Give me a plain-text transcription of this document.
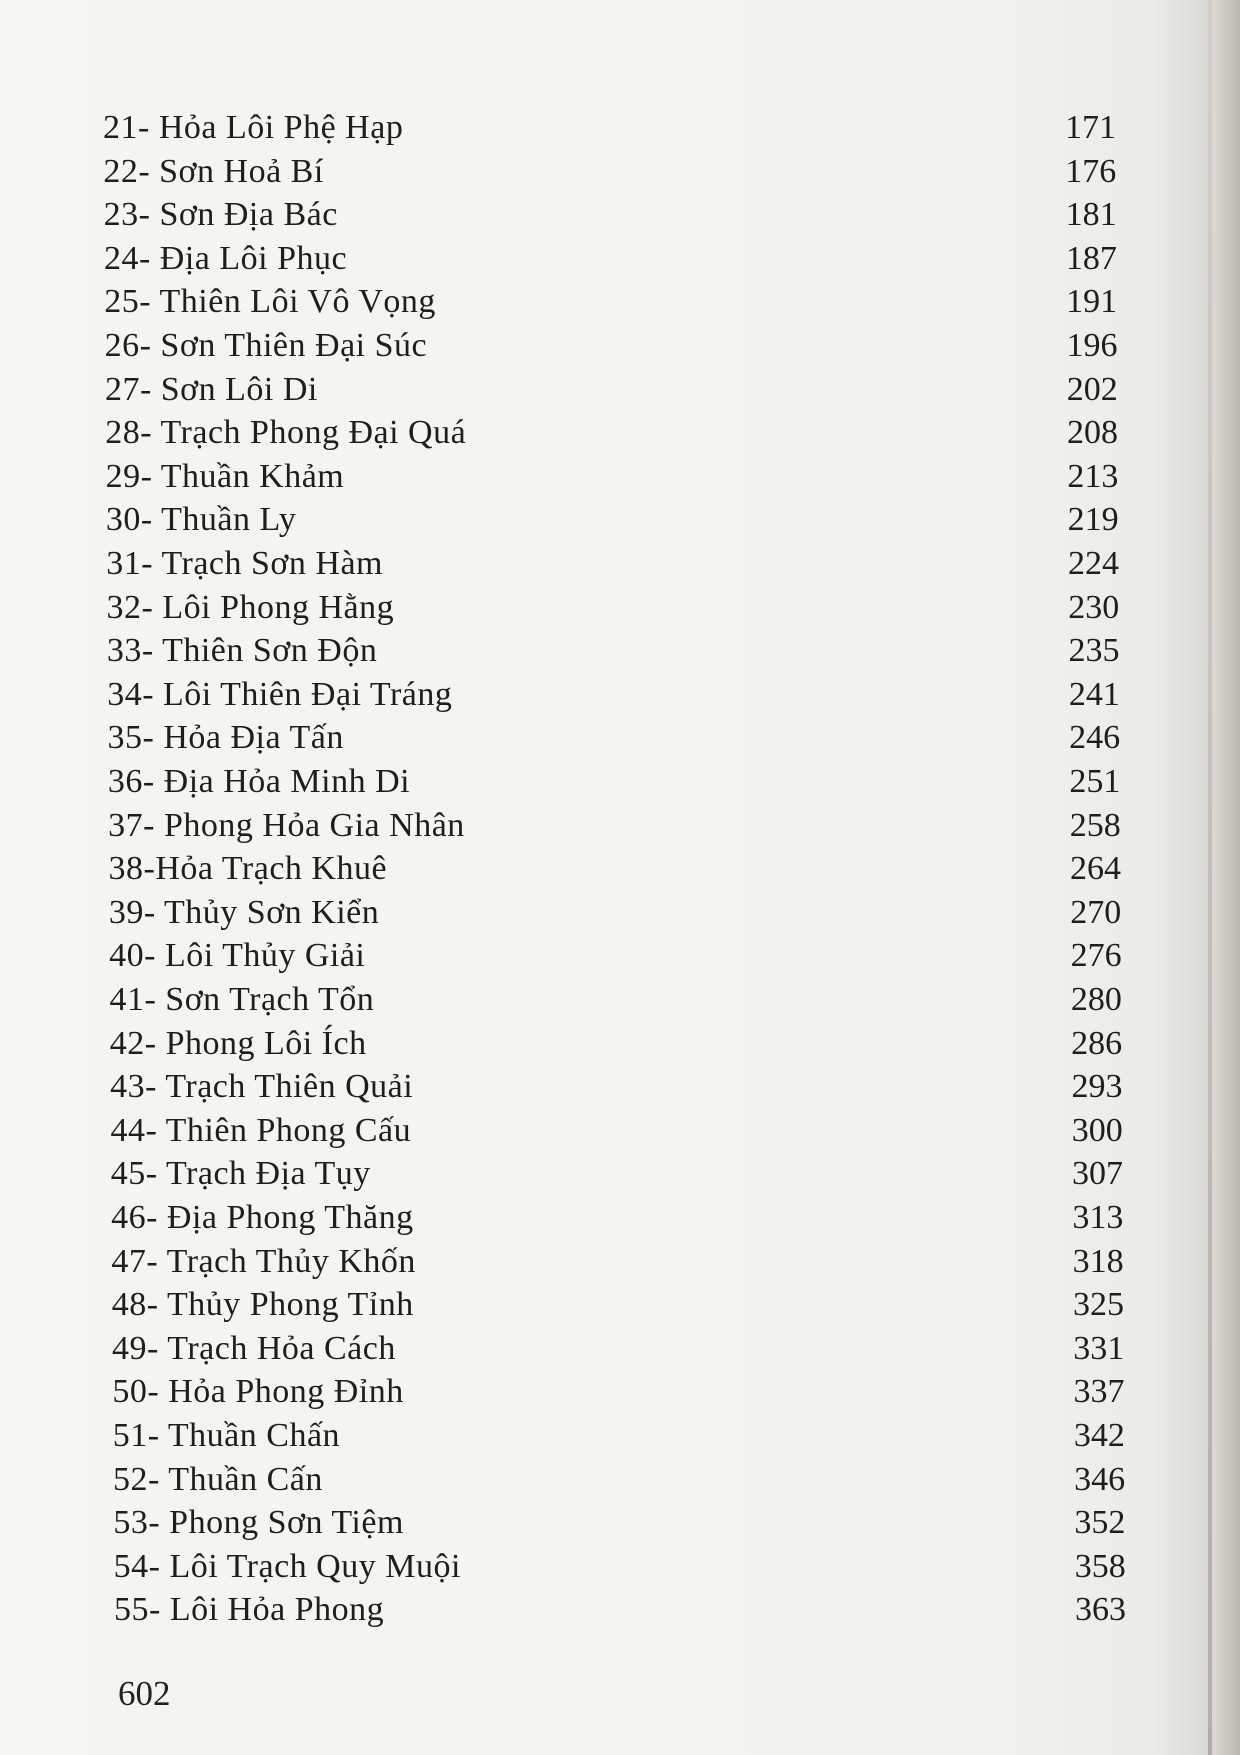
21- Hỏa Lôi Phệ Hạp	171
22- Sơn Hoả Bí	176
23- Sơn Địa Bác	181
24- Địa Lôi Phục	187
25- Thiên Lôi Vô Vọng	191
26- Sơn Thiên Đại Súc	196
27- Sơn Lôi Di	202
28- Trạch Phong Đại Quá	208
29- Thuần Khảm	213
30- Thuần Ly	219
31- Trạch Sơn Hàm	224
32- Lôi Phong Hằng	230
33- Thiên Sơn Độn	235
34- Lôi Thiên Đại Tráng	241
35- Hỏa Địa Tấn	246
36- Địa Hỏa Minh Di	251
37- Phong Hỏa Gia Nhân	258
38-Hỏa Trạch Khuê	264
39- Thủy Sơn Kiển	270
40- Lôi Thủy Giải	276
41- Sơn Trạch Tổn	280
42- Phong Lôi Ích	286
43- Trạch Thiên Quải	293
44- Thiên Phong Cấu	300
45- Trạch Địa Tụy	307
46- Địa Phong Thăng	313
47- Trạch Thủy Khốn	318
48- Thủy Phong Tỉnh	325
49- Trạch Hỏa Cách	331
50- Hỏa Phong Đỉnh	337
51- Thuần Chấn	342
52- Thuần Cấn	346
53- Phong Sơn Tiệm	352
54- Lôi Trạch Quy Muội	358
55- Lôi Hỏa Phong	363
602
